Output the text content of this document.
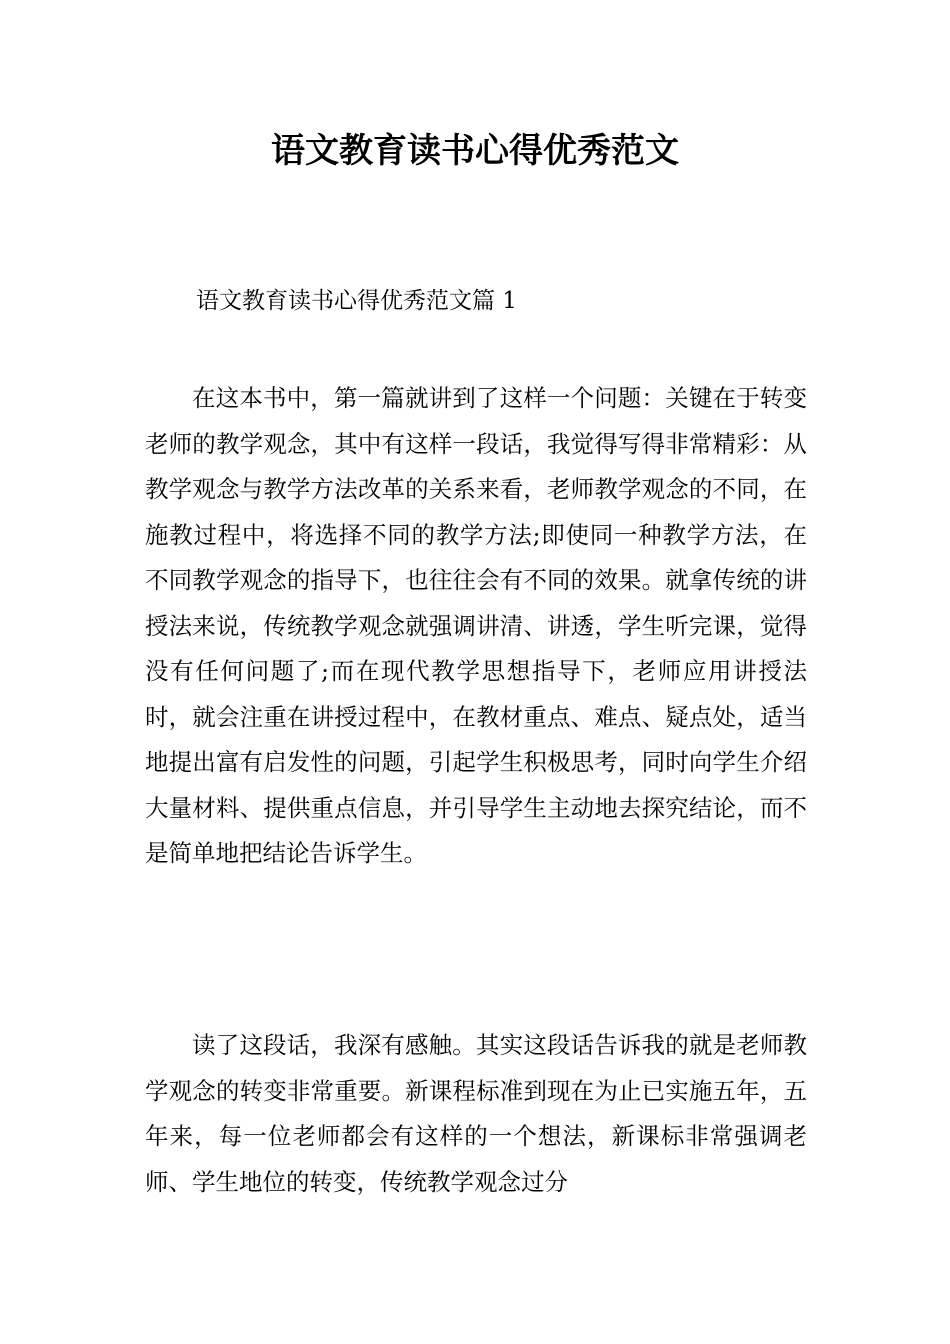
语文教育读书心得优秀范文

语文教育读书心得优秀范文篇 1

在这本书中，第一篇就讲到了这样一个问题：关键在于转变老师的教学观念，其中有这样一段话，我觉得写得非常精彩：从教学观念与教学方法改革的关系来看，老师教学观念的不同，在施教过程中，将选择不同的教学方法;即使同一种教学方法，在不同教学观念的指导下，也往往会有不同的效果。就拿传统的讲授法来说，传统教学观念就强调讲清、讲透，学生听完课，觉得没有任何问题了;而在现代教学思想指导下，老师应用讲授法时，就会注重在讲授过程中，在教材重点、难点、疑点处，适当地提出富有启发性的问题，引起学生积极思考，同时向学生介绍大量材料、提供重点信息，并引导学生主动地去探究结论，而不是简单地把结论告诉学生。

读了这段话，我深有感触。其实这段话告诉我的就是老师教学观念的转变非常重要。新课程标准到现在为止已实施五年，五年来，每一位老师都会有这样的一个想法，新课标非常强调老师、学生地位的转变，传统教学观念过分
